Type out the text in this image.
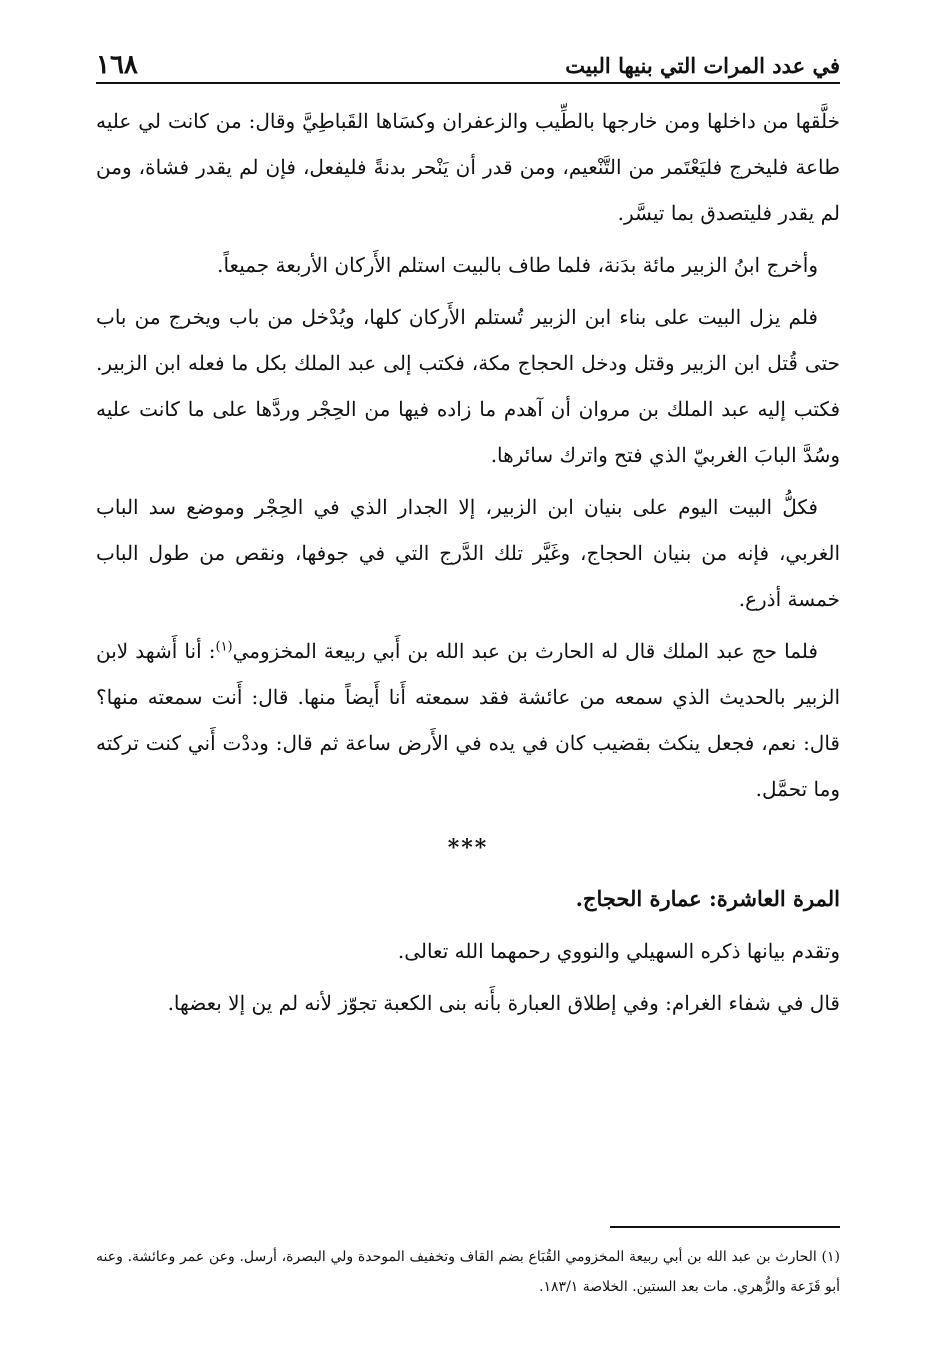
في عدد المرات التي بنيها البيت
١٦٨

خلَّقها من داخلها ومن خارجها بالطِّيب والزعفران وكسَاها القَباطِيَّ وقال: من كانت لي عليه طاعة فليخرج فليَعْتَمر من التَّنْعيم، ومن قدر أن يَنْحر بدنةً فليفعل، فإن لم يقدر فشاة، ومن لم يقدر فليتصدق بما تيسَّر.

وأخرج ابنُ الزبير مائة بدَنة، فلما طاف بالبيت استلم الأَركان الأربعة جميعاً.

فلم يزل البيت على بناء ابن الزبير تُستلم الأَركان كلها، ويُدْخل من باب ويخرج من باب حتى قُتل ابن الزبير وقتل ودخل الحجاج مكة، فكتب إلى عبد الملك بكل ما فعله ابن الزبير. فكتب إليه عبد الملك بن مروان أن آهدم ما زاده فيها من الحِجْر وردَّها على ما كانت عليه وسُدَّ البابَ الغربيّ الذي فتح واترك سائرها.

فكلُّ البيت اليوم على بنيان ابن الزبير، إلا الجدار الذي في الحِجْر وموضع سد الباب الغربي، فإنه من بنيان الحجاج، وغَيَّر تلك الدَّرج التي في جوفها، ونقص من طول الباب خمسة أذرع.

فلما حج عبد الملك قال له الحارث بن عبد الله بن أَبي ربيعة المخزومي$^{(١)}$: أنا أَشهد لابن الزبير بالحديث الذي سمعه من عائشة فقد سمعته أَنا أَيضاً منها. قال: أَنت سمعته منها؟ قال: نعم، فجعل ينكث بقضيب كان في يده في الأَرض ساعة ثم قال: وددْت أَني كنت تركته وما تحمَّل.

***

المرة العاشرة: عمارة الحجاج.

وتقدم بيانها ذكره السهيلي والنووي رحمهما الله تعالى.

قال في شفاء الغرام: وفي إطلاق العبارة بأَنه بنى الكعبة تجوّز لأنه لم ين إلا بعضها.

(١) الحارث بن عبد الله بن أبي ربيعة المخزومي القُبَاع بضم القاف وتخفيف الموحدة ولي البصرة، أرسل. وعن عمر وعائشة. وعنه أبو قَزَعة والزُّهري. مات بعد الستين. الخلاصة ١٨٣/١.
